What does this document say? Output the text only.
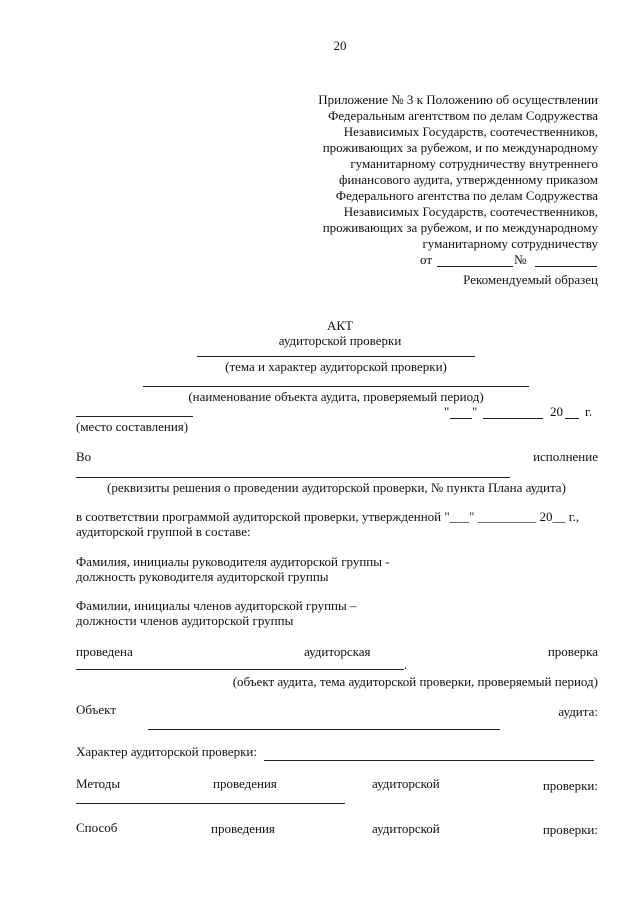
20
Приложение № 3 к Положению об осуществлении
Федеральным агентством по делам Содружества
Независимых Государств, соотечественников,
проживающих за рубежом, и по международному
гуманитарному сотрудничеству внутреннего
финансового аудита, утвержденному приказом
Федерального агентства по делам Содружества
Независимых Государств, соотечественников,
проживающих за рубежом, и по международному
гуманитарному сотрудничеству
от	№
Рекомендуемый образец
АКТ
аудиторской проверки
(тема и характер аудиторской проверки)
(наименование объекта аудита, проверяемый период)
" "	20 г.
(место составления)
Во	исполнение
(реквизиты решения о проведении аудиторской проверки, № пункта Плана аудита)
в соответствии программой аудиторской проверки, утвержденной "___" _________ 20__ г.,
аудиторской группой в составе:
Фамилия, инициалы руководителя аудиторской группы -
должность руководителя аудиторской группы
Фамилии, инициалы членов аудиторской группы –
должности членов аудиторской группы
проведена	аудиторская	проверка
.
(объект аудита, тема аудиторской проверки, проверяемый период)
Объект	аудита:
Характер аудиторской проверки:
Методы	проведения	аудиторской	проверки:
Способ	проведения	аудиторской	проверки:
